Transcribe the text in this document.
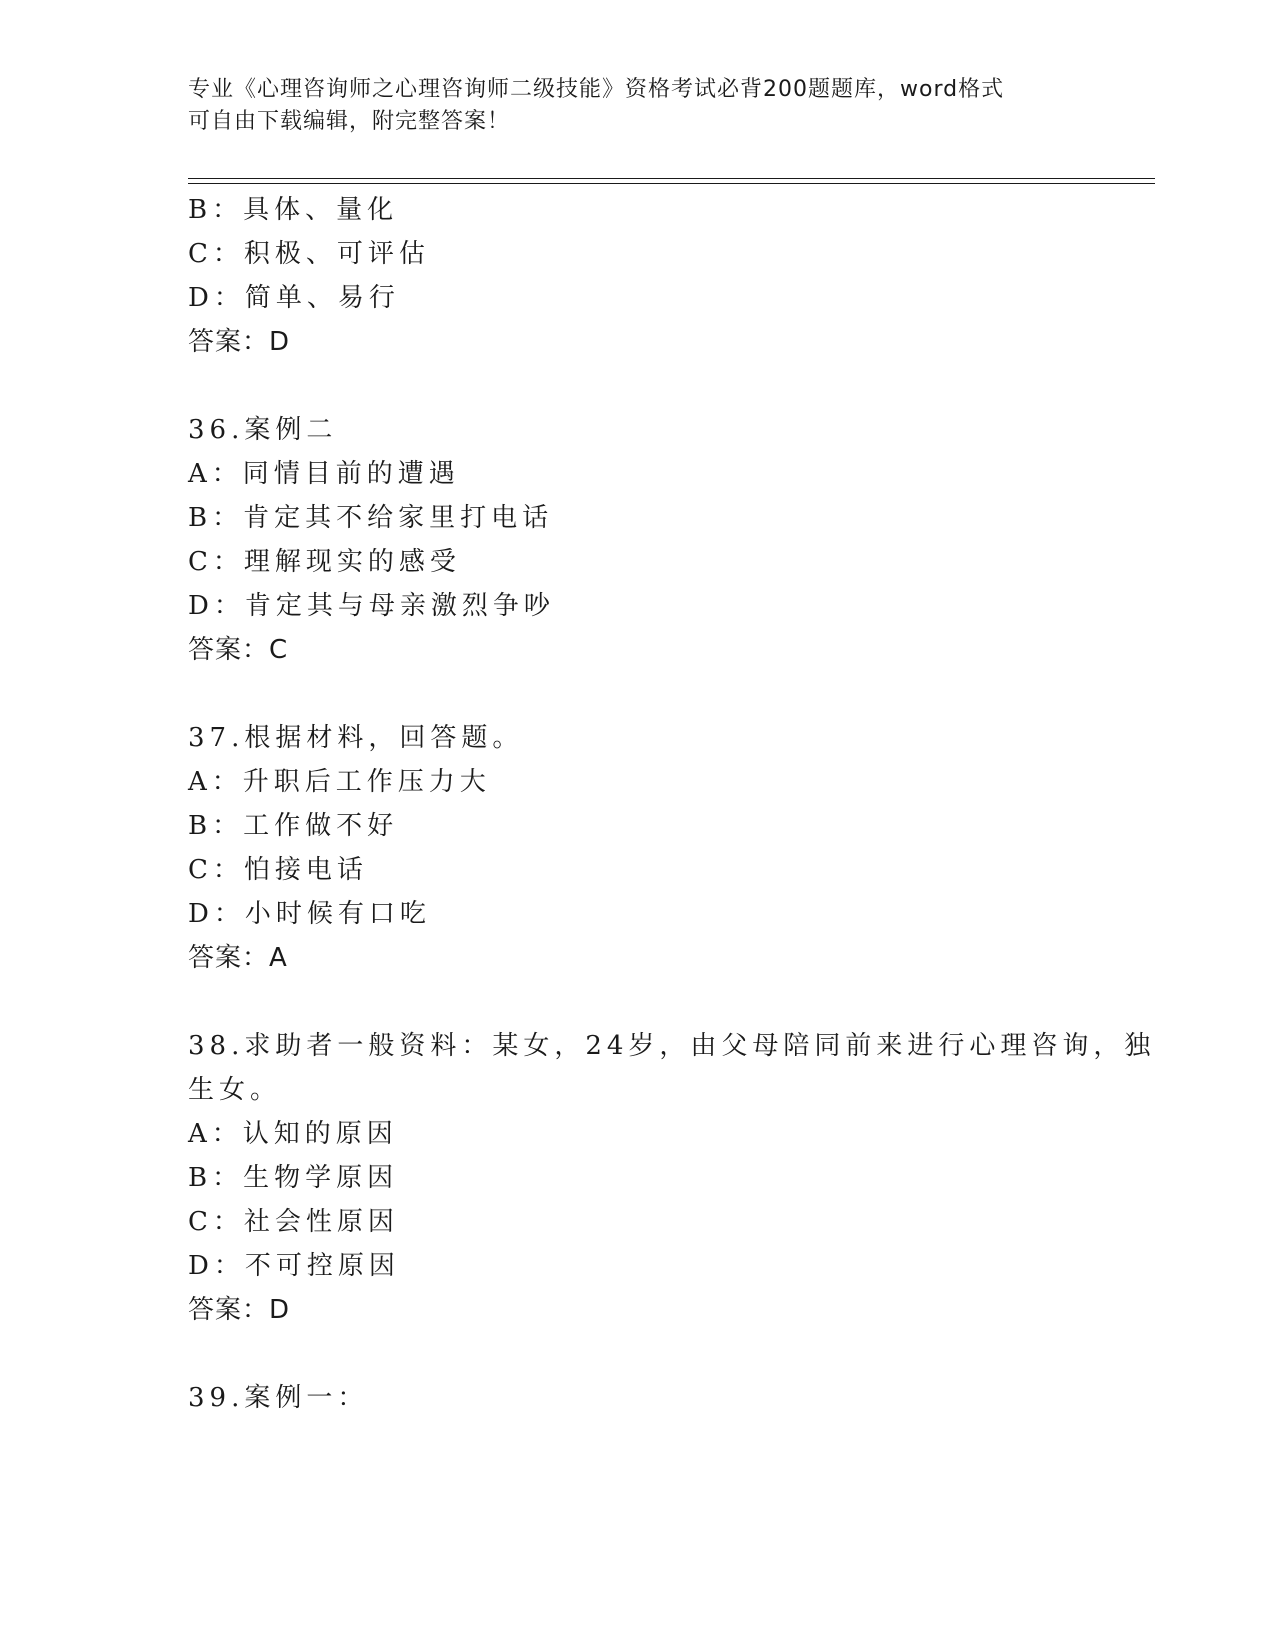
专业《心理咨询师之心理咨询师二级技能》资格考试必背200题题库，word格式
可自由下载编辑，附完整答案！
B：具体、量化
C：积极、可评估
D：简单、易行
答案：D
36.案例二
A：同情目前的遭遇
B：肯定其不给家里打电话
C：理解现实的感受
D：肯定其与母亲激烈争吵
答案：C
37.根据材料，回答题。
A：升职后工作压力大
B：工作做不好
C：怕接电话
D：小时候有口吃
答案：A
38.求助者一般资料：某女，24岁，由父母陪同前来进行心理咨询，独
生女。
A：认知的原因
B：生物学原因
C：社会性原因
D：不可控原因
答案：D
39.案例一：
